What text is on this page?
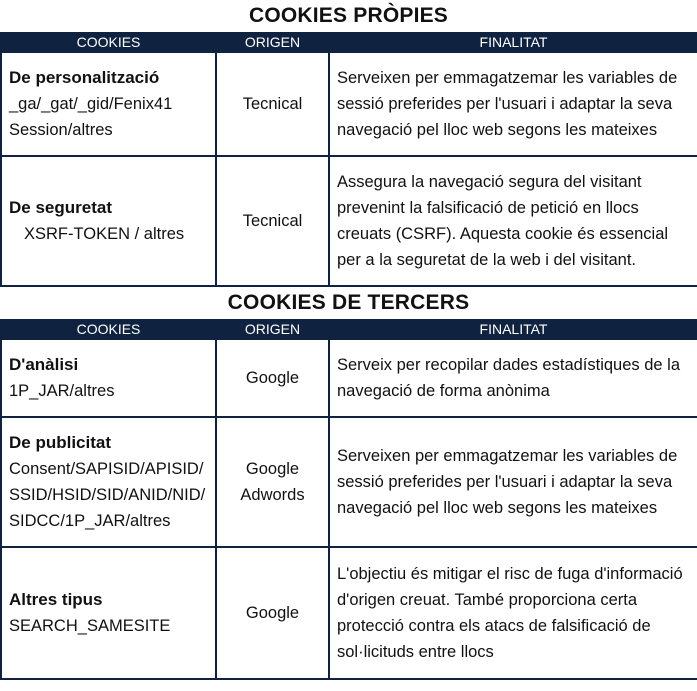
COOKIES PRÒPIES
COOKIES	ORIGEN	FINALITAT

De personalització
_ga/_gat/_gid/Fenix41 Session/altres	Tecnical	Serveixen per emmagatzemar les variables de sessió preferides per l'usuari i adaptar la seva navegació pel lloc web segons les mateixes

De seguretat
XSRF-TOKEN / altres	Tecnical	Assegura la navegació segura del visitant prevenint la falsificació de petició en llocs creuats (CSRF). Aquesta cookie és essencial per a la seguretat de la web i del visitant.
COOKIES DE TERCERS
COOKIES	ORIGEN	FINALITAT

D'anàlisi
1P_JAR/altres	Google	Serveix per recopilar dades estadístiques de la navegació de forma anònima

De publicitat
Consent/SAPISID/APISID/SSID/HSID/SID/ANID/NID/SIDCC/1P_JAR/altres	Google Adwords	Serveixen per emmagatzemar les variables de sessió preferides per l'usuari i adaptar la seva navegació pel lloc web segons les mateixes

Altres tipus
SEARCH_SAMESITE	Google	L'objectiu és mitigar el risc de fuga d'informació d'origen creuat. També proporciona certa protecció contra els atacs de falsificació de sol·licituds entre llocs
